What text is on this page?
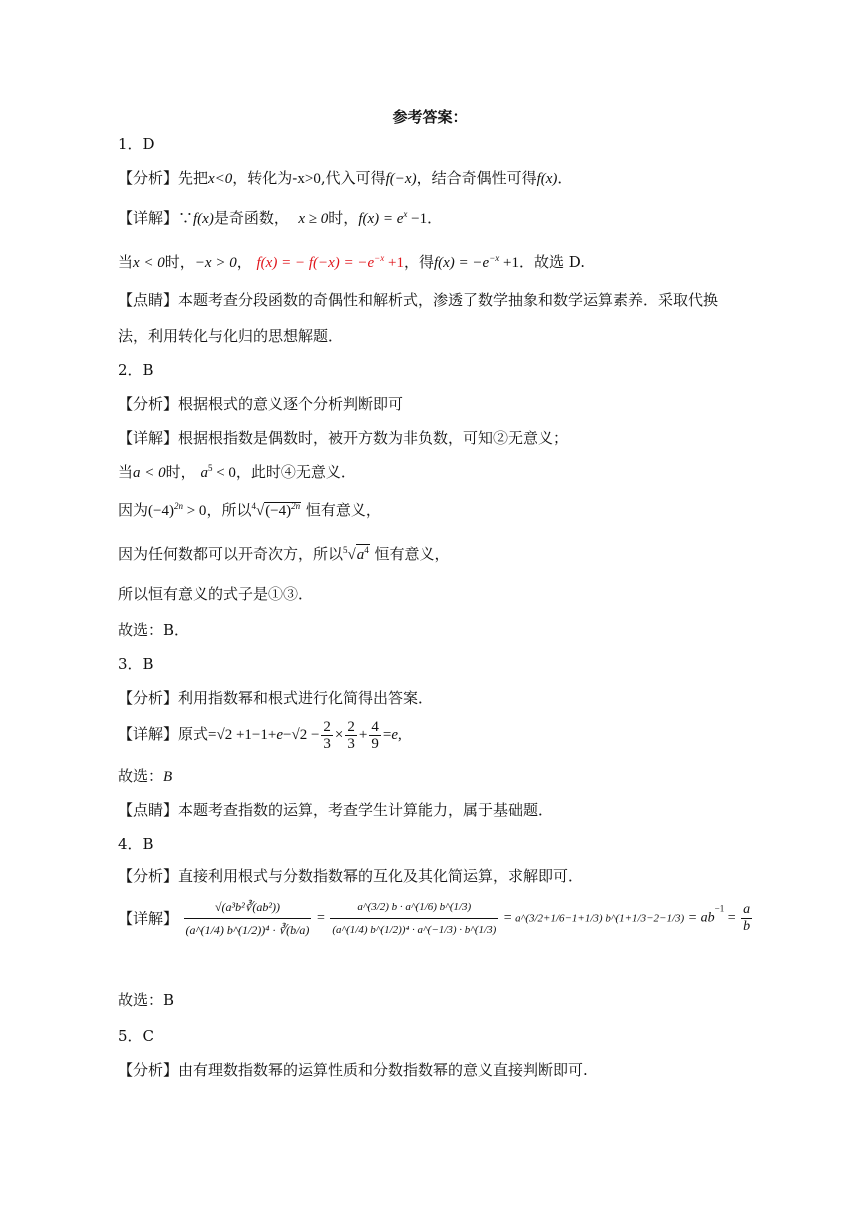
参考答案：
1．D
【分析】先把x<0，转化为-x>0,代入可得f(−x)，结合奇偶性可得f(x)．
【详解】∵f(x)是奇函数， x ≥ 0时，$f(x) = e^x -1$．
当x < 0时，−x > 0， f(x) = − $f(-x) = -e^{-x} +1$，得$f(x) = -e^{-x} +1$．故选 D.
【点睛】本题考查分段函数的奇偶性和解析式，渗透了数学抽象和数学运算素养．采取代换
法，利用转化与化归的思想解题．
2．B
【分析】根据根式的意义逐个分析判断即可
【详解】根据根指数是偶数时，被开方数为非负数，可知②无意义；
当a < 0时， $a^5 < 0$，此时④无意义．
因为$(-4)^{2n} > 0$，所以$^4√(-4)^{2n}$ 恒有意义，
因为任何数都可以开奇次方，所以$^5√a^4$ 恒有意义，
所以恒有意义的式子是①③．
故选：B．
3．B
【分析】利用指数幂和根式进行化简得出答案．
【详解】原式$=√2 +1-1+e-√2 - \frac{2}{3} \times \frac{2}{3} + \frac{4}{9} =e$,
故选：B
【点睛】本题考查指数的运算，考查学生计算能力，属于基础题．
4．B
【分析】直接利用根式与分数指数幂的互化及其化简运算，求解即可．
【详解】 $\frac{\text{√(a³b²∛(ab²))}}{\text{(a\textasciicircum{}(1/4) b\textasciicircum{}(1/2))⁴ · ∛(b/a)}} = \frac{a\^{}(3/2) b \cdot a\^{}(1/6) b\^{}(1/3)}{\text{(a\textasciicircum{}(1/4) b\textasciicircum{}(1/2))⁴ · a\textasciicircum{}(−1/3) · b\textasciicircum{}(1/3)}}$ = a^(3/2+1/6−1+1/3) b^(1+1/3−2−1/3) = $ab^{-1} = \frac{a}{b}$
故选：B
5．C
【分析】由有理数指数幂的运算性质和分数指数幂的意义直接判断即可.
